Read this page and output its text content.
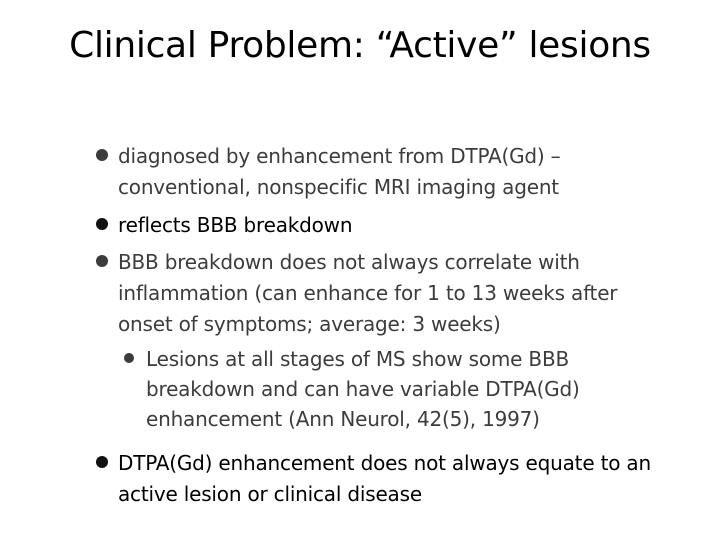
Clinical Problem: “Active” lesions
diagnosed by enhancement from DTPA(Gd) – conventional, nonspecific MRI imaging agent
reflects BBB breakdown
BBB breakdown does not always correlate with inflammation (can enhance for 1 to 13 weeks after onset of symptoms; average: 3 weeks)
Lesions at all stages of MS show some BBB breakdown and can have variable DTPA(Gd) enhancement (Ann Neurol, 42(5), 1997)
DTPA(Gd) enhancement does not always equate to an active lesion or clinical disease
